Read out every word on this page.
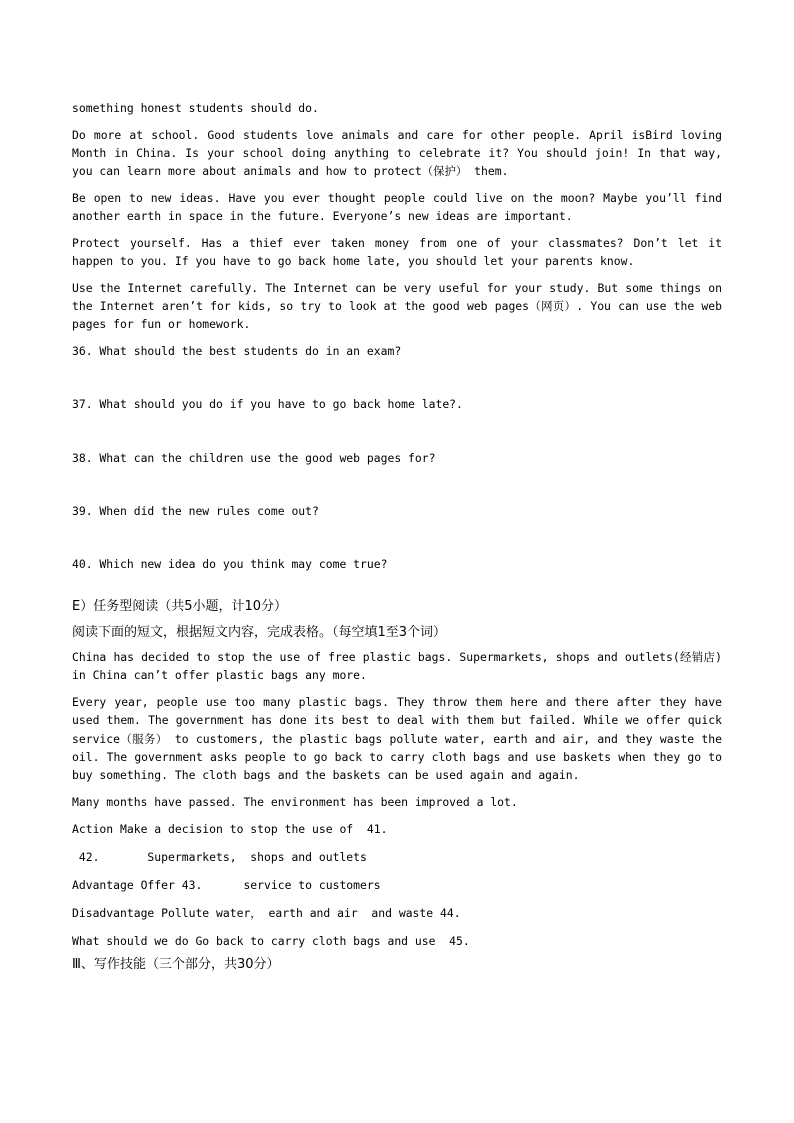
something honest students should do.

Do more at school. Good students love animals and care for other people. April isBird loving Month in China. Is your school doing anything to celebrate it? You should join! In that way, you can learn more about animals and how to protect（保护） them.

Be open to new ideas. Have you ever thought people could live on the moon? Maybe you’ll find another earth in space in the future. Everyone’s new ideas are important.

Protect yourself. Has a thief ever taken money from one of your classmates? Don’t let it happen to you. If you have to go back home late, you should let your parents know.

Use the Internet carefully. The Internet can be very useful for your study. But some things on the Internet aren’t for kids, so try to look at the good web pages（网页）. You can use the web pages for fun or homework.

36. What should the best students do in an exam?

37. What should you do if you have to go back home late?.

38. What can the children use the good web pages for?

39. When did the new rules come out?

40. Which new idea do you think may come true?

E）任务型阅读（共5小题，计10分）

阅读下面的短文，根据短文内容，完成表格。（每空填1至3个词）

China has decided to stop the use of free plastic bags. Supermarkets, shops and outlets(经销店) in China can’t offer plastic bags any more.

Every year, people use too many plastic bags. They throw them here and there after they have used them. The government has done its best to deal with them but failed. While we offer quick service（服务） to customers, the plastic bags pollute water, earth and air, and they waste the oil. The government asks people to go back to carry cloth bags and use baskets when they go to buy something. The cloth bags and the baskets can be used again and again.

Many months have passed. The environment has been improved a lot.

Action Make a decision to stop the use of  41.

42.       Supermarkets,  shops and outlets

Advantage Offer 43.      service to customers

Disadvantage Pollute water， earth and air  and waste 44.

What should we do Go back to carry cloth bags and use  45.

Ⅲ、写作技能（三个部分，共30分）
